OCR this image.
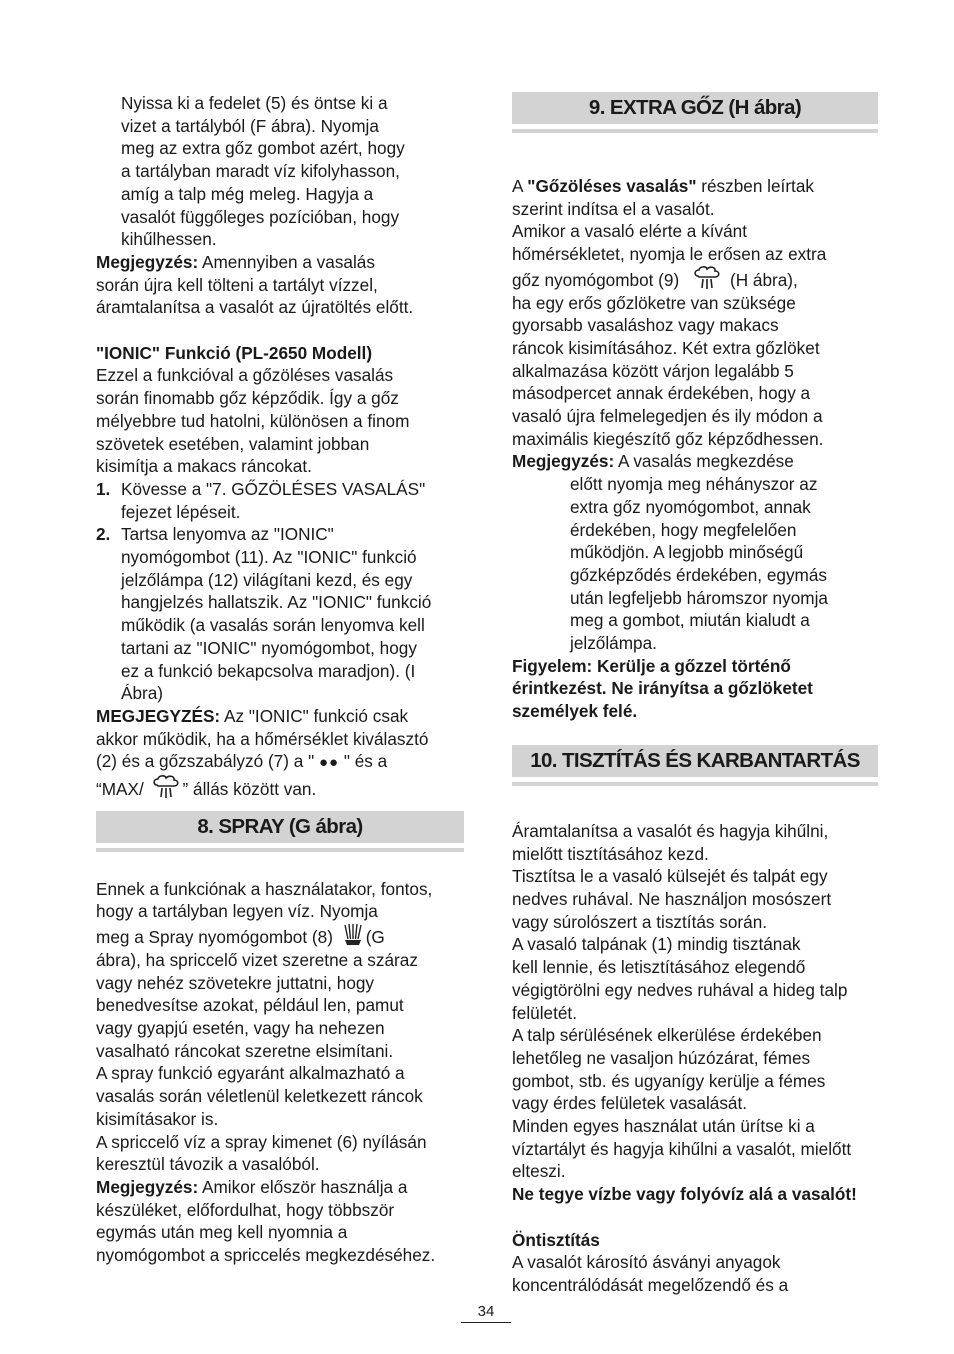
Nyissa ki a fedelet (5) és öntse ki a

vizet a tartályból (F ábra). Nyomja

meg az extra gőz gombot azért, hogy

a tartályban maradt víz kifolyhasson,

amíg a talp még meleg. Hagyja a

vasalót függőleges pozícióban, hogy

kihűlhessen.

Megjegyzés: Amennyiben a vasalás

során újra kell tölteni a tartályt vízzel,

áramtalanítsa a vasalót az újratöltés előtt.

"IONIC" Funkció (PL-2650 Modell)

Ezzel a funkcióval a gőzöléses vasalás

során finomabb gőz képződik. Így a gőz

mélyebbre tud hatolni, különösen a finom

szövetek esetében, valamint jobban

kisimítja a makacs ráncokat.

1. Kövesse a "7. GŐZÖLÉSES VASALÁS"

fejezet lépéseit.

2. Tartsa lenyomva az "IONIC"

nyomógombot (11). Az "IONIC" funkció

jelzőlámpa (12) világítani kezd, és egy

hangjelzés hallatszik. Az "IONIC" funkció

működik (a vasalás során lenyomva kell

tartani az "IONIC" nyomógombot, hogy

ez a funkció bekapcsolva maradjon). (I

Ábra)

MEGJEGYZÉS: Az "IONIC" funkció csak

akkor működik, ha a hőmérséklet kiválasztó

(2) és a gőzszabályzó (7) a " ●● " és a

“MAX/ ” állás között van.

8. SPRAY (G ábra)

Ennek a funkciónak a használatakor, fontos,

hogy a tartályban legyen víz. Nyomja

meg a Spray nyomógombot (8) (G

ábra), ha spriccelő vizet szeretne a száraz

vagy nehéz szövetekre juttatni, hogy

benedvesítse azokat, például len, pamut

vagy gyapjú esetén, vagy ha nehezen

vasalható ráncokat szeretne elsimítani.

A spray funkció egyaránt alkalmazható a

vasalás során véletlenül keletkezett ráncok

kisimításakor is.

A spriccelő víz a spray kimenet (6) nyílásán

keresztül távozik a vasalóból.

Megjegyzés: Amikor először használja a

készüléket, előfordulhat, hogy többször

egymás után meg kell nyomnia a

nyomógombot a spriccelés megkezdéséhez.

9. EXTRA GŐZ (H ábra)

A "Gőzöléses vasalás" részben leírtak

szerint indítsa el a vasalót.

Amikor a vasaló elérte a kívánt

hőmérsékletet, nyomja le erősen az extra

gőz nyomógombot (9)	(H ábra),

ha egy erős gőzlöketre van szüksége

gyorsabb vasaláshoz vagy makacs

ráncok kisimításához. Két extra gőzlöket

alkalmazása között várjon legalább 5

másodpercet annak érdekében, hogy a

vasaló újra felmelegedjen és ily módon a

maximális kiegészítő gőz képződhessen.

Megjegyzés: A vasalás megkezdése

előtt nyomja meg néhányszor az

extra gőz nyomógombot, annak

érdekében, hogy megfelelően

működjön. A legjobb minőségű

gőzképződés érdekében, egymás

után legfeljebb háromszor nyomja

meg a gombot, miután kialudt a

jelzőlámpa.

Figyelem: Kerülje a gőzzel történő

érintkezést. Ne irányítsa a gőzlöketet

személyek felé.

10. TISZTÍTÁS ÉS KARBANTARTÁS

Áramtalanítsa a vasalót és hagyja kihűlni,

mielőtt tisztításához kezd.

Tisztítsa le a vasaló külsejét és talpát egy

nedves ruhával. Ne használjon mosószert

vagy súrolószert a tisztítás során.

A vasaló talpának (1) mindig tisztának

kell lennie, és letisztításához elegendő

végigtörölni egy nedves ruhával a hideg talp

felületét.

A talp sérülésének elkerülése érdekében

lehetőleg ne vasaljon húzózárat, fémes

gombot, stb. és ugyanígy kerülje a fémes

vagy érdes felületek vasalását.

Minden egyes használat után ürítse ki a

víztartályt és hagyja kihűlni a vasalót, mielőtt

elteszi.

Ne tegye vízbe vagy folyóvíz alá a vasalót!

Öntisztítás

A vasalót károsító ásványi anyagok

koncentrálódását megelőzendő és a

34
